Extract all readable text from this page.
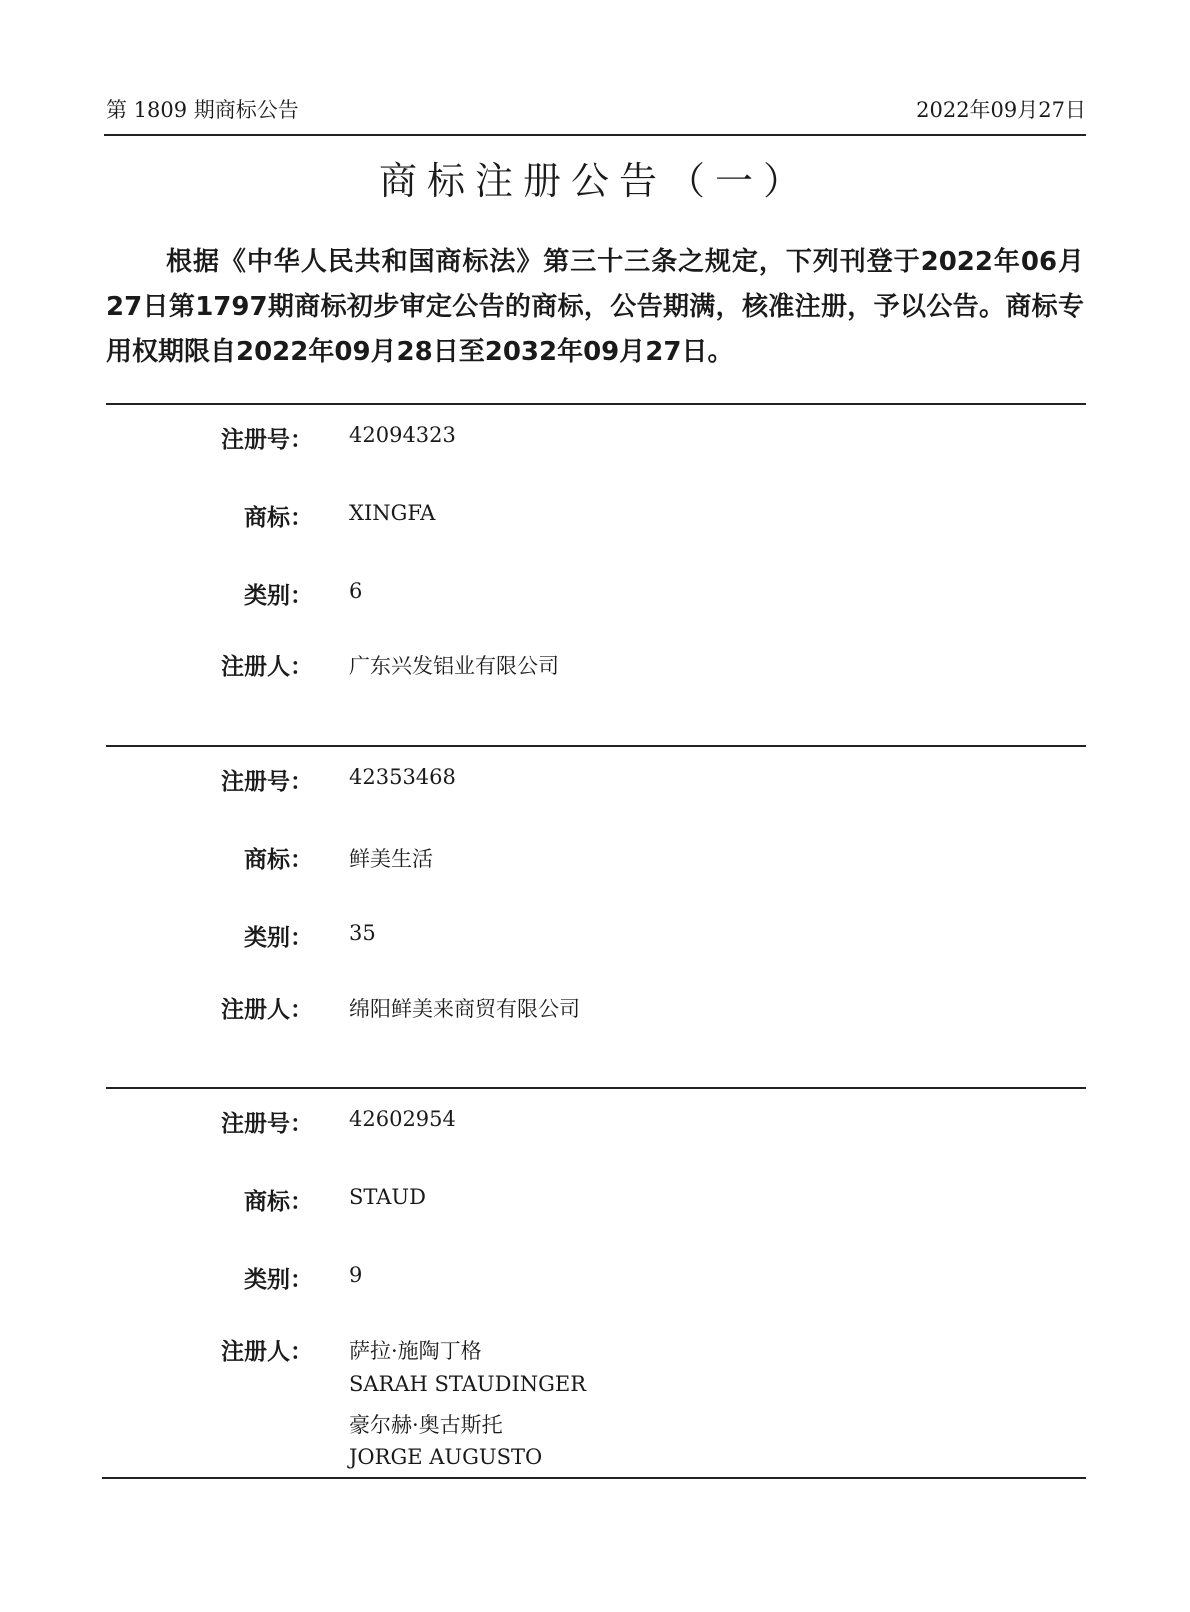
第 1809 期商标公告	2022年09月27日
商标注册公告（一）
根据《中华人民共和国商标法》第三十三条之规定，下列刊登于2022年06月27日第1797期商标初步审定公告的商标，公告期满，核准注册，予以公告。商标专用权期限自2022年09月28日至2032年09月27日。
注册号： 42094323
商标： XINGFA
类别： 6
注册人： 广东兴发铝业有限公司
注册号： 42353468
商标： 鲜美生活
类别： 35
注册人： 绵阳鲜美来商贸有限公司
注册号： 42602954
商标： STAUD
类别： 9
注册人： 萨拉·施陶丁格
SARAH STAUDINGER
豪尔赫·奥古斯托
JORGE AUGUSTO
